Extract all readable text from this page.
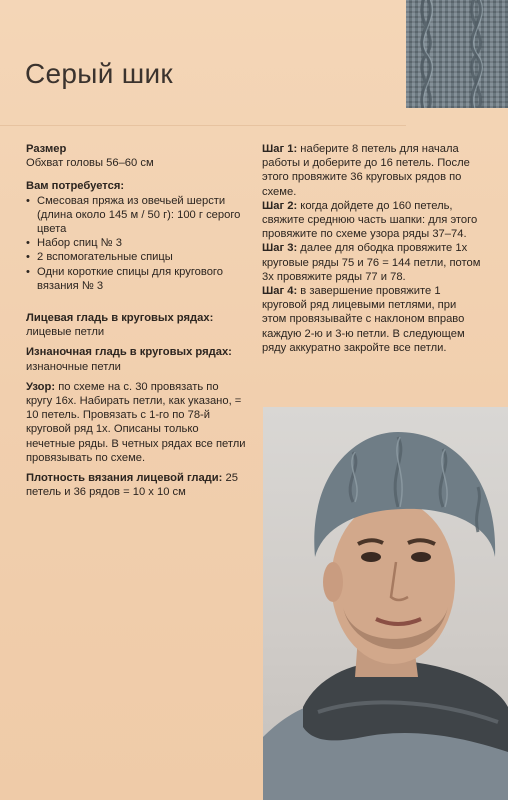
Серый шик

Размер

Обхват головы 56–60 см

Вам потребуется:

• Смесовая пряжа из овечьей шерсти (длина около 145 м / 50 г): 100 г серого цвета
• Набор спиц № 3
• 2 вспомогательные спицы
• Одни короткие спицы для кругового вязания № 3

Лицевая гладь в круговых рядах: лицевые петли

Изнаночная гладь в круговых рядах: изнаночные петли

Узор: по схеме на с. 30 провязать по кругу 16х. Набирать петли, как указано, = 10 петель. Провязать с 1-го по 78-й круговой ряд 1х. Описаны только нечетные ряды. В четных рядах все петли провязывать по схеме.

Плотность вязания лицевой глади: 25 петель и 36 рядов = 10 х 10 см

Шаг 1: наберите 8 петель для начала работы и доберите до 16 петель. После этого провяжите 36 круговых рядов по схеме.

Шаг 2: когда дойдете до 160 петель, свяжите среднюю часть шапки: для этого провяжите по схеме узора ряды 37–74.

Шаг 3: далее для ободка провяжите 1х круговые ряды 75 и 76 = 144 петли, потом 3х провяжите ряды 77 и 78.

Шаг 4: в завершение провяжите 1 круговой ряд лицевыми петлями, при этом провязывайте с наклоном вправо каждую 2-ю и 3-ю петли. В следующем ряду аккуратно закройте все петли.
